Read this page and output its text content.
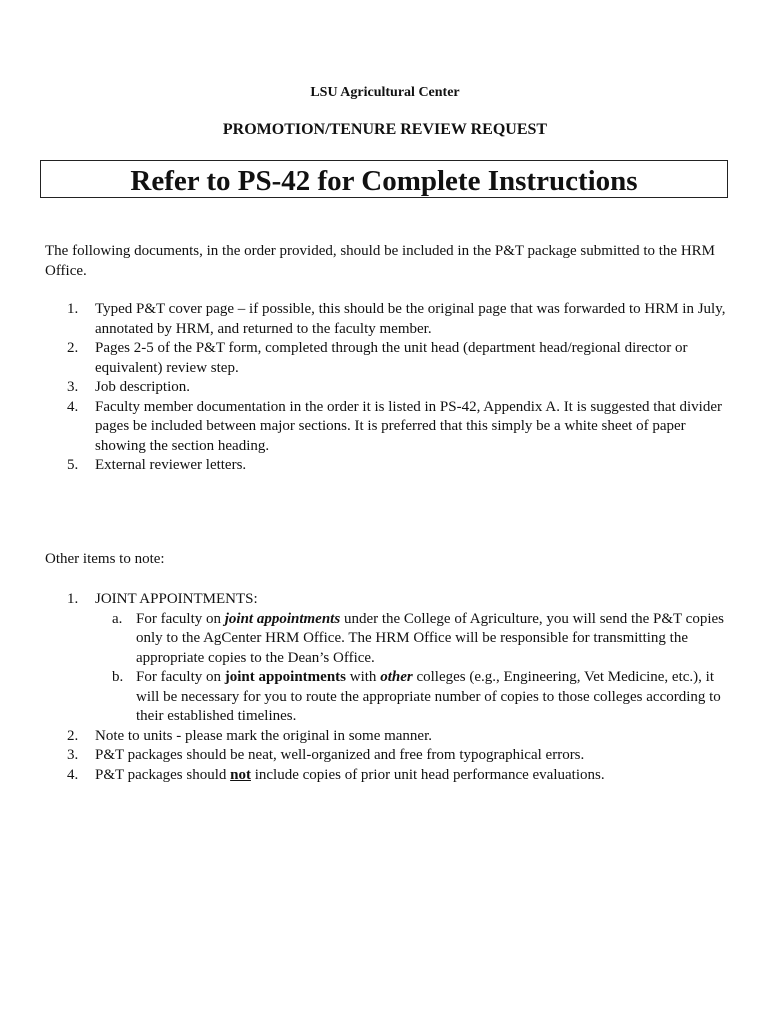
LSU Agricultural Center
PROMOTION/TENURE REVIEW REQUEST
Refer to PS-42 for Complete Instructions
The following documents, in the order provided, should be included in the P&T package submitted to the HRM Office.
1. Typed P&T cover page – if possible, this should be the original page that was forwarded to HRM in July, annotated by HRM, and returned to the faculty member.
2. Pages 2-5 of the P&T form, completed through the unit head (department head/regional director or equivalent) review step.
3. Job description.
4. Faculty member documentation in the order it is listed in PS-42, Appendix A. It is suggested that divider pages be included between major sections. It is preferred that this simply be a white sheet of paper showing the section heading.
5. External reviewer letters.
Other items to note:
1. JOINT APPOINTMENTS:
a. For faculty on joint appointments under the College of Agriculture, you will send the P&T copies only to the AgCenter HRM Office. The HRM Office will be responsible for transmitting the appropriate copies to the Dean’s Office.
b. For faculty on joint appointments with other colleges (e.g., Engineering, Vet Medicine, etc.), it will be necessary for you to route the appropriate number of copies to those colleges according to their established timelines.
2. Note to units - please mark the original in some manner.
3. P&T packages should be neat, well-organized and free from typographical errors.
4. P&T packages should not include copies of prior unit head performance evaluations.
